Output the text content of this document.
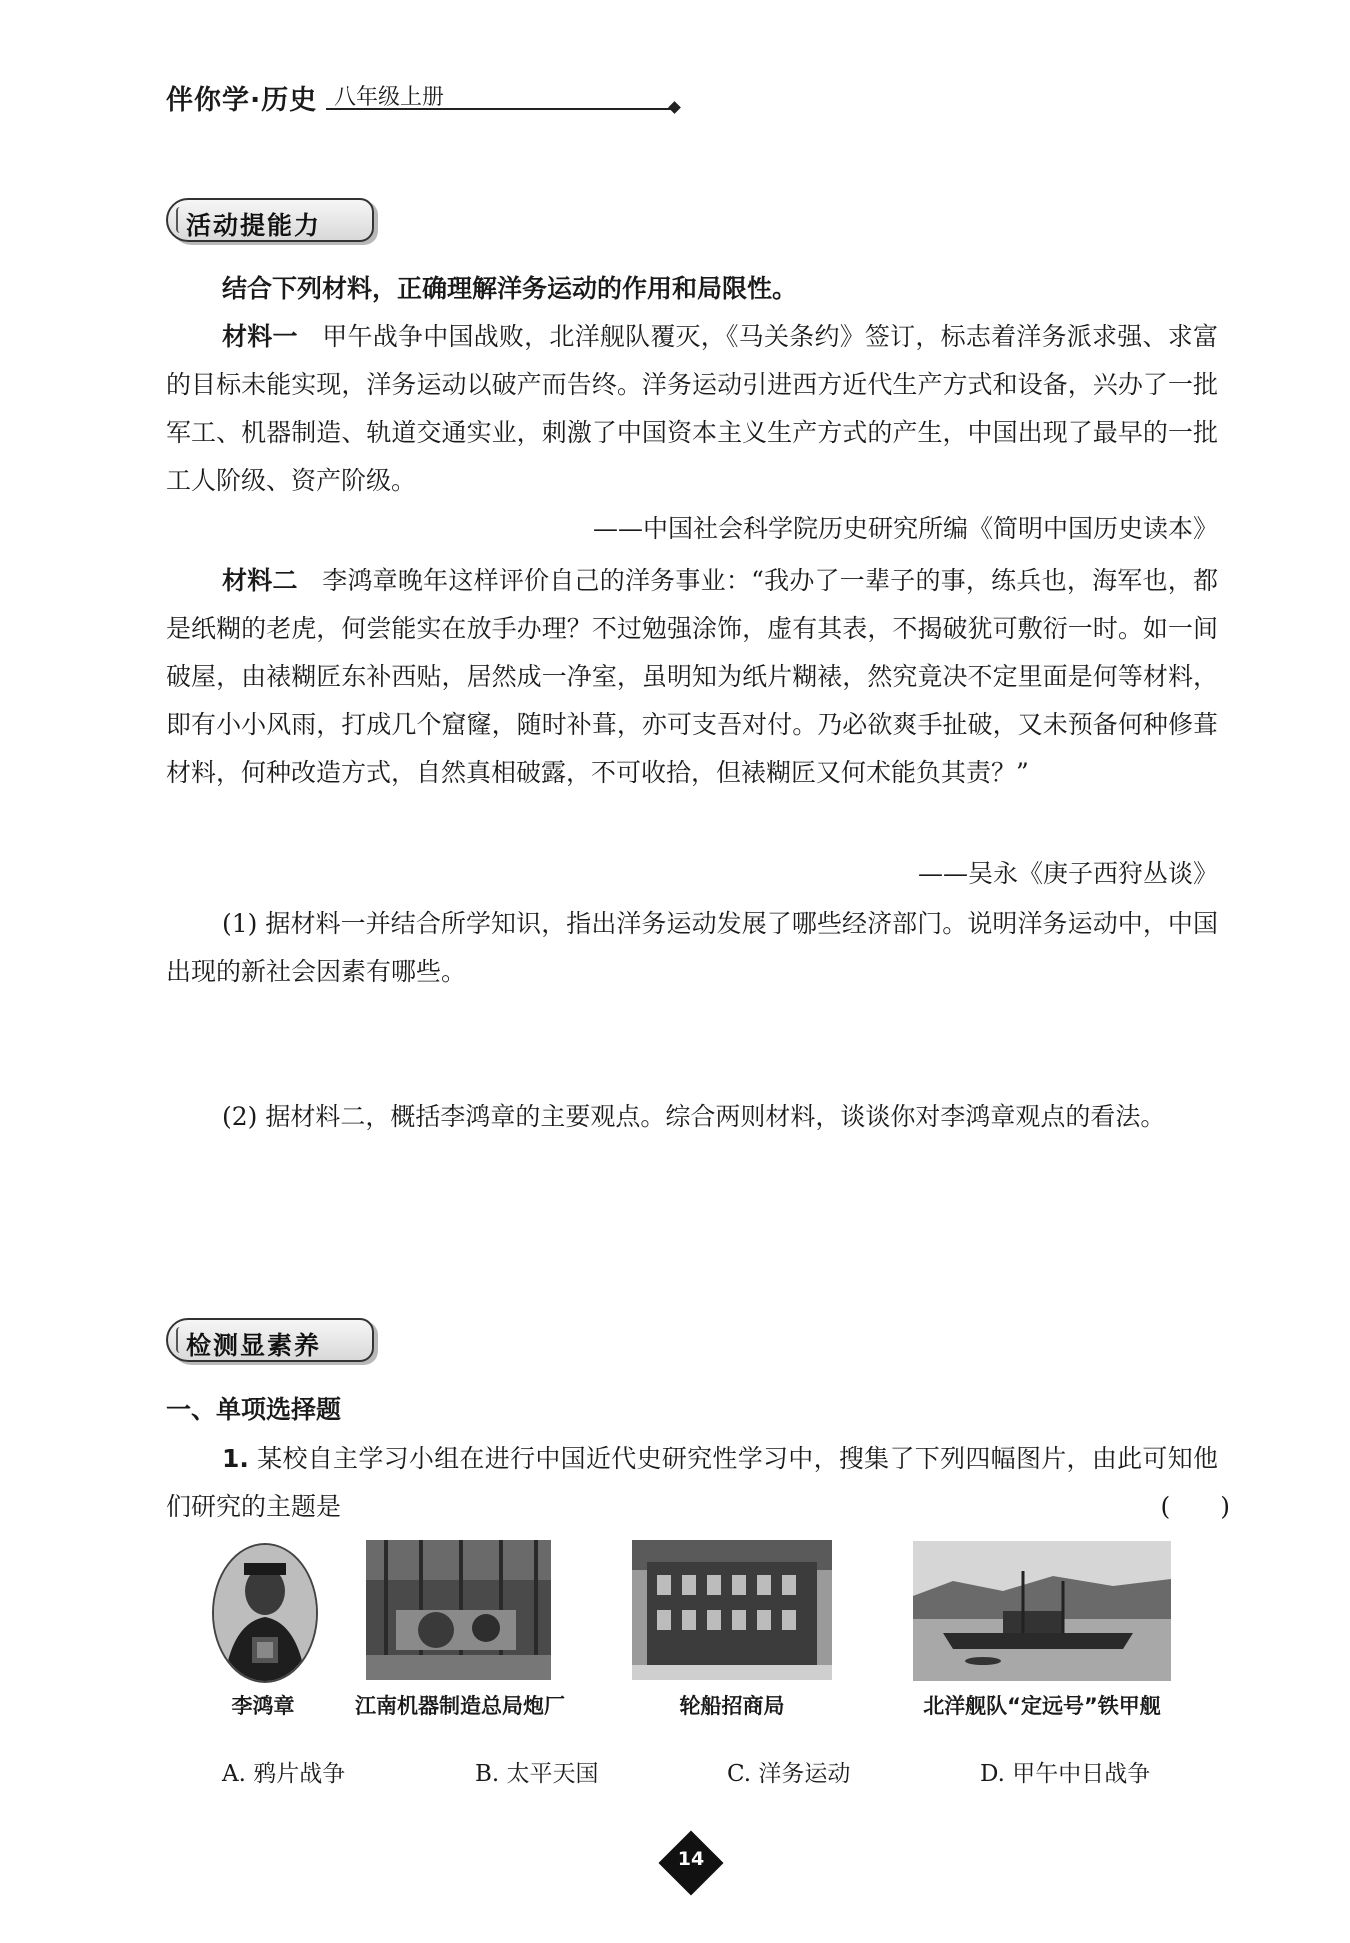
伴你学·历史 八年级上册
活动提能力
结合下列材料，正确理解洋务运动的作用和局限性。
材料一 甲午战争中国战败，北洋舰队覆灭，《马关条约》签订，标志着洋务派求强、求富的目标未能实现，洋务运动以破产而告终。洋务运动引进西方近代生产方式和设备，兴办了一批军工、机器制造、轨道交通实业，刺激了中国资本主义生产方式的产生，中国出现了最早的一批工人阶级、资产阶级。
——中国社会科学院历史研究所编《简明中国历史读本》
材料二 李鸿章晚年这样评价自己的洋务事业：“我办了一辈子的事，练兵也，海军也，都是纸糊的老虎，何尝能实在放手办理？不过勉强涂饰，虚有其表，不揭破犹可敷衍一时。如一间破屋，由裱糊匠东补西贴，居然成一净室，虽明知为纸片糊裱，然究竟决不定里面是何等材料，即有小小风雨，打成几个窟窿，随时补葺，亦可支吾对付。乃必欲爽手扯破，又未预备何种修葺材料，何种改造方式，自然真相破露，不可收拾，但裱糊匠又何术能负其责？”
——吴永《庚子西狩丛谈》
(1) 据材料一并结合所学知识，指出洋务运动发展了哪些经济部门。说明洋务运动中，中国出现的新社会因素有哪些。
(2) 据材料二，概括李鸿章的主要观点。综合两则材料，谈谈你对李鸿章观点的看法。
检测显素养
一、单项选择题
1. 某校自主学习小组在进行中国近代史研究性学习中，搜集了下列四幅图片，由此可知他们研究的主题是	(　　)
李鸿章	江南机器制造总局炮厂	轮船招商局	北洋舰队“定远号”铁甲舰
A. 鸦片战争	B. 太平天国	C. 洋务运动	D. 甲午中日战争
14
